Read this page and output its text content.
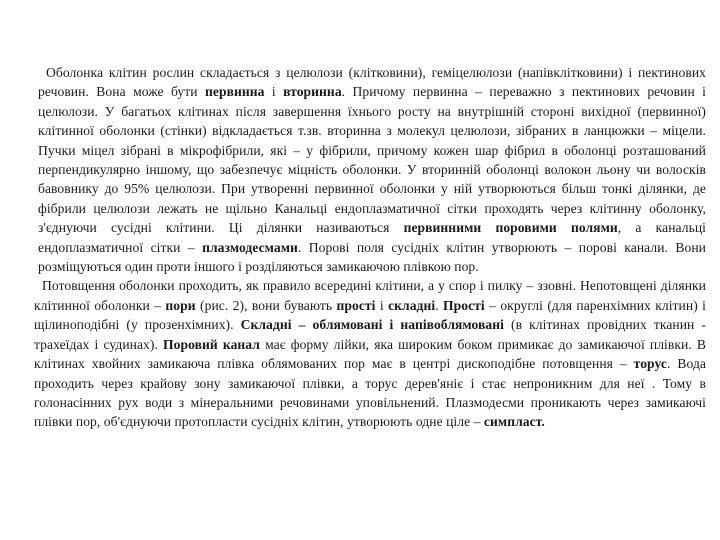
Оболонка клітин рослин складається з целюлози (клітковини), геміцелюлози (напівклітковини) і пектинових речовин. Вона може бути первинна і вторинна. Причому первинна – переважно з пектинових речовин і целюлози. У багатьох клітинах після завершення їхнього росту на внутрішній стороні вихідної (первинної) клітинної оболонки (стінки) відкладається т.зв. вторинна з молекул целюлози, зібраних в ланцюжки – міцели. Пучки міцел зібрані в мікрофібрили, які – у фібрили, причому кожен шар фібрил в оболонці розташований перпендикулярно іншому, що забезпечує міцність оболонки. У вторинній оболонці волокон льону чи волосків бавовнику до 95% целюлози. При утворенні первинної оболонки у ній утворюються більш тонкі ділянки, де фібрили целюлози лежать не щільно Канальці ендоплазматичної сітки проходять через клітинну оболонку, з'єднуючи сусідні клітини. Ці ділянки називаються первинними поровими полями, а канальці ендоплазматичної сітки – плазмодесмами. Порові поля сусідніх клітин утворюють – порові канали. Вони розміщуються один проти іншого і розділяються замикаючою плівкою пор.

Потовщення оболонки проходить, як правило всередині клітини, а у спор і пилку – ззовні. Непотовщені ділянки клітинної оболонки – пори (рис. 2), вони бувають прості і складні. Прості – округлі (для паренхімних клітин) і щілиноподібні (у прозенхімних). Складні – облямовані і напівоблямовані (в клітинах провідних тканин - трахеїдах і судинах). Поровий канал має форму лійки, яка широким боком примикає до замикаючої плівки. В клітинах хвойних замикаюча плівка облямованих пор має в центрі дископодібне потовщення – торус. Вода проходить через крайову зону замикаючої плівки, а торус дерев'яніє і стає непроникним для неї . Тому в голонасінних рух води з мінеральними речовинами уповільнений. Плазмодесми проникають через замикаючі плівки пор, об'єднуючи протопласти сусідніх клітин, утворюють одне ціле – симпласт.
